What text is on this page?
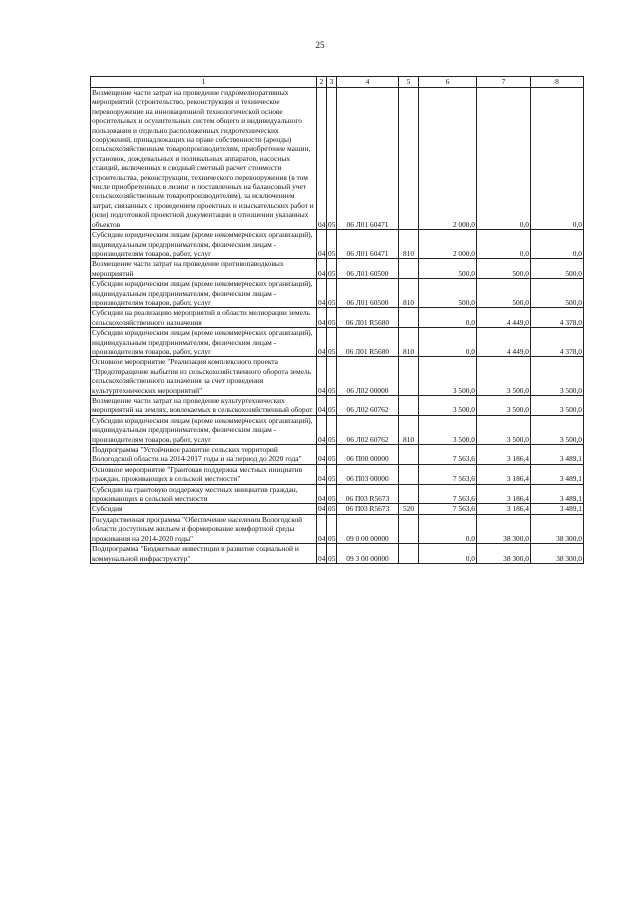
25
1	2	3	4	5	6	7	8
Возмещение части затрат на проведение гидромелиоративных мероприятий (строительство, реконструкция и техническое перевооружение на инновационной технологической основе оросительных и осушительных систем общего и индивидуального пользования и отдельно расположенных гидротехнических сооружений, принадлежащих на праве собственности (аренды) сельскохозяйственным товаропроизводителям, приобретение машин, установок, дождевальных и поливальных аппаратов, насосных станций, включенных в сводный сметный расчет стоимости строительства, реконструкции, технического перевооружения (в том числе приобретенных в лизинг и поставленных на балансовый учет сельскохозяйственным товаропроизводителям), за исключением затрат, связанных с проведением проектных и изыскательских работ и (или) подготовкой проектной документации в отношении указанных объектов	04	05	06 Л01 60471		2 000,0	0,0	0,0
Субсидии юридическим лицам (кроме некоммерческих организаций), индивидуальным предпринимателям, физическим лицам - производителям товаров, работ, услуг	04	05	06 Л01 60471	810	2 000,0	0,0	0,0
Возмещение части затрат на проведение противопаводковых мероприятий	04	05	06 Л01 60500		500,0	500,0	500,0
Субсидии юридическим лицам (кроме некоммерческих организаций), индивидуальным предпринимателям, физическим лицам - производителям товаров, работ, услуг	04	05	06 Л01 60500	810	500,0	500,0	500,0
Субсидии на реализацию мероприятий в области мелиорации земель сельскохозяйственного назначения	04	05	06 Л01 R5680		0,0	4 449,0	4 378,0
Субсидии юридическим лицам (кроме некоммерческих организаций), индивидуальным предпринимателям, физическим лицам - производителям товаров, работ, услуг	04	05	06 Л01 R5680	810	0,0	4 449,0	4 378,0
Основное мероприятие "Реализация комплексного проекта "Предотвращение выбытия из сельскохозяйственного оборота земель сельскохозяйственного назначения за счет проведения культуртехнических мероприятий"	04	05	06 Л02 00000		3 500,0	3 500,0	3 500,0
Возмещение части затрат на проведение культуртехнических мероприятий на землях, вовлекаемых в сельскохозяйственный оборот	04	05	06 Л02 60762		3 500,0	3 500,0	3 500,0
Субсидии юридическим лицам (кроме некоммерческих организаций), индивидуальным предпринимателям, физическим лицам - производителям товаров, работ, услуг	04	05	06 Л02 60762	810	3 500,0	3 500,0	3 500,0
Подпрограмма "Устойчивое развитие сельских территорий Вологодской области на 2014-2017 годы и на период до 2020 года"	04	05	06 П00 00000		7 563,6	3 186,4	3 489,1
Основное мероприятие "Грантовая поддержка местных инициатив граждан, проживающих в сельской местности"	04	05	06 П03 00000		7 563,6	3 186,4	3 489,1
Субсидии на грантовую поддержку местных инициатив граждан, проживающих в сельской местности	04	05	06 П03 R5673		7 563,6	3 186,4	3 489,1
Субсидия	04	05	06 П03 R5673	520	7 563,6	3 186,4	3 489,1
Государственная программа "Обеспечение населения Вологодской области доступным жильем и формирование комфортной среды проживания на 2014-2020 годы"	04	05	09 0 00 00000		0,0	38 300,0	38 300,0
Подпрограмма "Бюджетные инвестиции в развитие социальной и коммунальной инфраструктур"	04	05	09 3 00 00000		0,0	38 300,0	38 300,0
